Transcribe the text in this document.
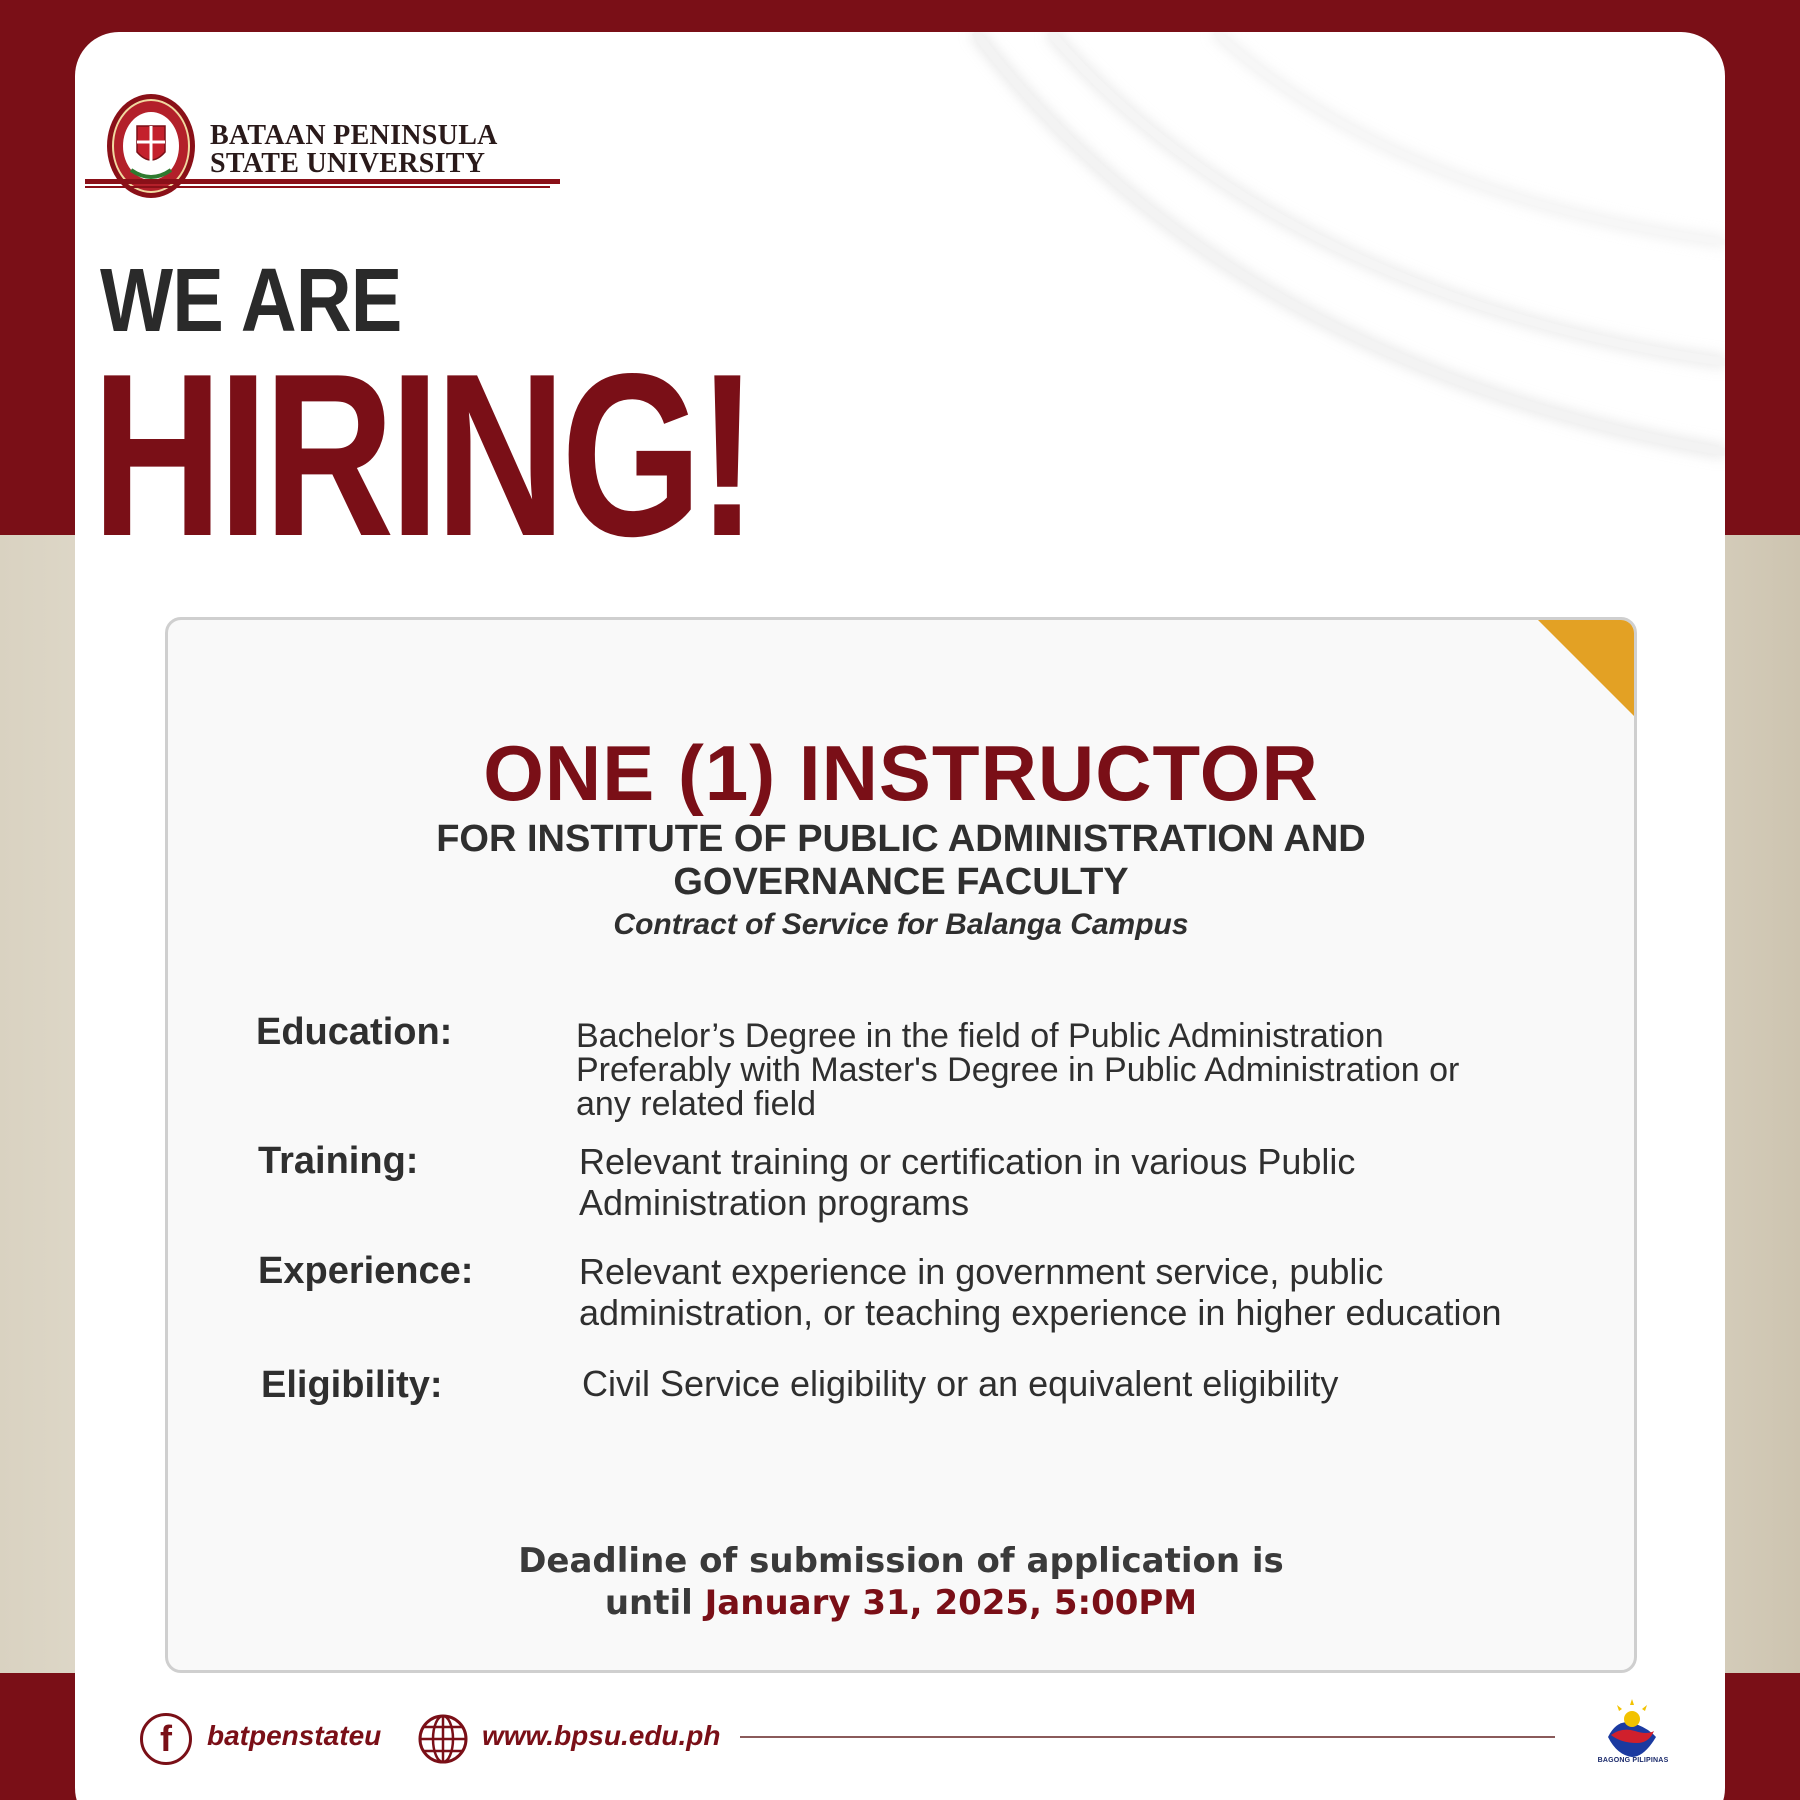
BATAAN PENINSULA
STATE UNIVERSITY
WE ARE
HIRING!
ONE (1) INSTRUCTOR
FOR INSTITUTE OF PUBLIC ADMINISTRATION AND
GOVERNANCE FACULTY
Contract of Service for Balanga Campus
Education:	Bachelor’s Degree in the field of Public Administration
Preferably with Master's Degree in Public Administration or
any related field
Training:	Relevant training or certification in various Public
Administration programs
Experience:	Relevant experience in government service, public
administration, or teaching experience in higher education
Eligibility:	Civil Service eligibility or an equivalent eligibility
Deadline of submission of application is
until January 31, 2025, 5:00PM
f	batpenstateu	www.bpsu.edu.ph
BAGONG PILIPINAS
